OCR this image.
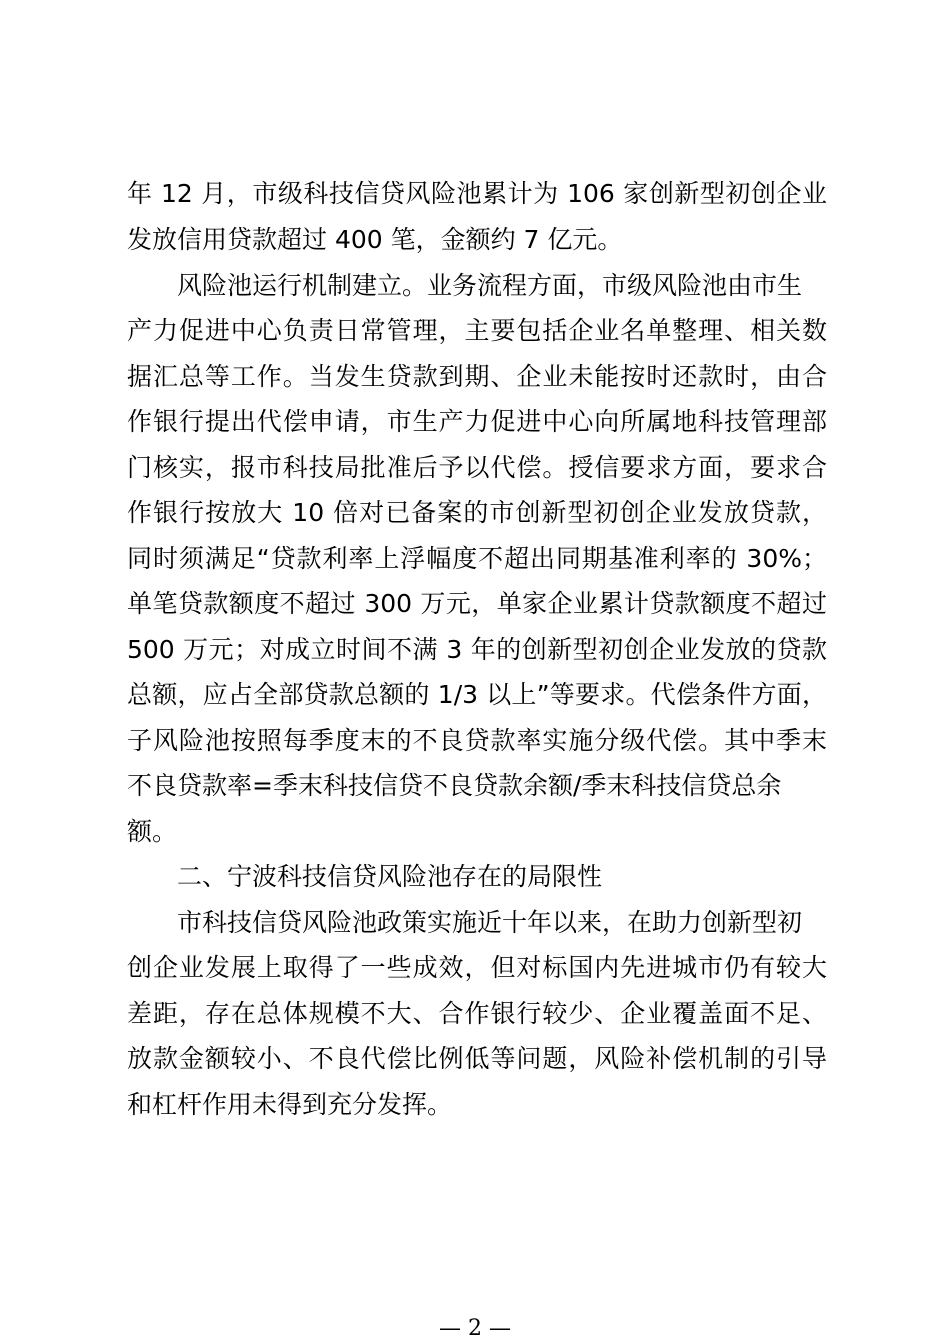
年 12 月，市级科技信贷风险池累计为 106 家创新型初创企业
发放信用贷款超过 400 笔，金额约 7 亿元。
风险池运行机制建立。业务流程方面，市级风险池由市生
产力促进中心负责日常管理，主要包括企业名单整理、相关数
据汇总等工作。当发生贷款到期、企业未能按时还款时，由合
作银行提出代偿申请，市生产力促进中心向所属地科技管理部
门核实，报市科技局批准后予以代偿。授信要求方面，要求合
作银行按放大 10 倍对已备案的市创新型初创企业发放贷款，
同时须满足“贷款利率上浮幅度不超出同期基准利率的 30%；
单笔贷款额度不超过 300 万元，单家企业累计贷款额度不超过
500 万元；对成立时间不满 3 年的创新型初创企业发放的贷款
总额，应占全部贷款总额的 1/3 以上”等要求。代偿条件方面，
子风险池按照每季度末的不良贷款率实施分级代偿。其中季末
不良贷款率=季末科技信贷不良贷款余额/季末科技信贷总余
额。
二、宁波科技信贷风险池存在的局限性
市科技信贷风险池政策实施近十年以来，在助力创新型初
创企业发展上取得了一些成效，但对标国内先进城市仍有较大
差距，存在总体规模不大、合作银行较少、企业覆盖面不足、
放款金额较小、不良代偿比例低等问题，风险补偿机制的引导
和杠杆作用未得到充分发挥。
— 2 —
